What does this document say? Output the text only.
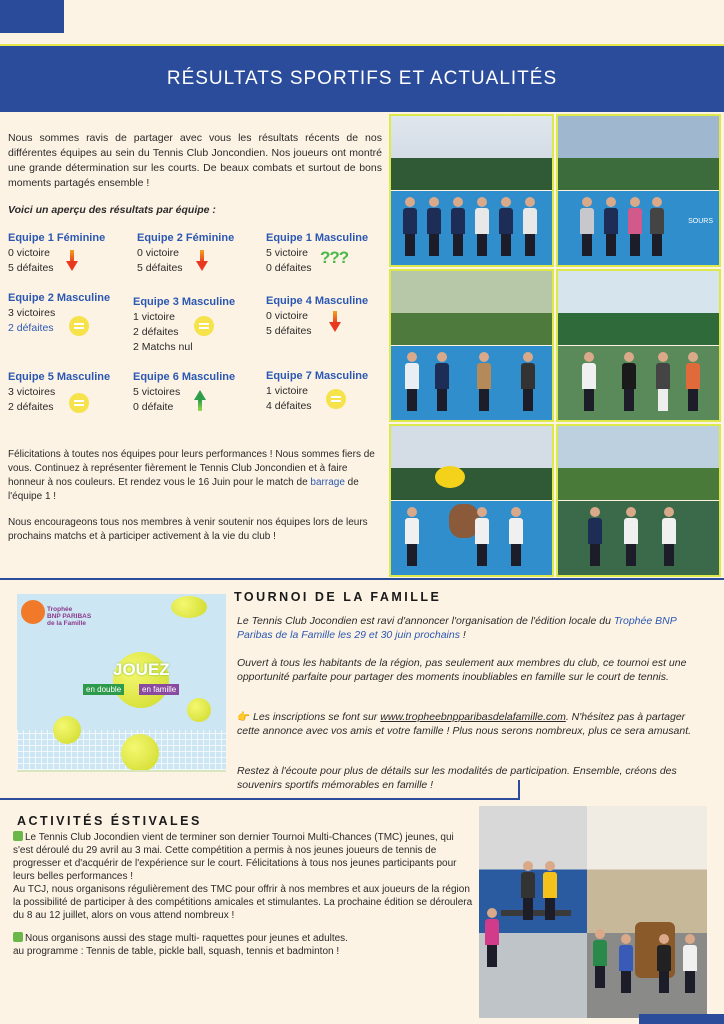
RÉSULTATS SPORTIFS ET ACTUALITÉS
Nous sommes ravis de partager avec vous les résultats récents de nos différentes équipes au sein du Tennis Club Joncondien. Nos joueurs ont montré une grande détermination sur les courts. De beaux combats et surtout de bons moments partagés ensemble !
Voici un aperçu des résultats par équipe :
Equipe 1 Féminine
0 victoire
5 défaites
Equipe 2 Féminine
0 victoire
5 défaites
Equipe 1 Masculine
5 victoire
0 défaites
?‌?‌?
Equipe 2 Masculine
3 victoires
2 défaites
Equipe 3 Masculine
1 victoire
2 défaites
2 Matchs nul
Equipe 4 Masculine
0 victoire
5 défaites
Equipe 5 Masculine
3 victoires
2 défaites
Equipe 6 Masculine
5 victoires
0 défaite
Equipe 7 Masculine
1 victoire
4 défaites
Félicitations à toutes nos équipes pour leurs performances ! Nous sommes fiers de vous. Continuez à représenter fièrement le Tennis Club Joncondien et à faire honneur à nos couleurs. Et rendez vous le 16 Juin pour le match de barrage de l'équipe 1 !
Nous encourageons tous nos membres à venir soutenir nos équipes lors de leurs prochains matchs et à participer activement à la vie du club !
SOURS
Trophée
BNP PARIBAS
de la Famille
JOUEZ
en double	en famille
TOURNOI DE LA FAMILLE
Le Tennis Club Jocondien est ravi d'annoncer l'organisation de l'édition locale du Trophée BNP Paribas de la Famille les 29 et 30 juin prochains !
Ouvert à tous les habitants de la région, pas seulement aux membres du club, ce tournoi est une opportunité parfaite pour partager des moments inoubliables en famille sur le court de tennis.
👉 Les inscriptions se font sur www.tropheebnpparibasdelafamille.com. N'hésitez pas à partager cette annonce avec vos amis et votre famille ! Plus nous serons nombreux, plus ce sera amusant.
Restez à l'écoute pour plus de détails sur les modalités de participation. Ensemble, créons des souvenirs sportifs mémorables en famille !
ACTIVITÉS ÉSTIVALES
Le Tennis Club Jocondien vient de terminer son dernier Tournoi Multi-Chances (TMC) jeunes, qui s'est déroulé du 29 avril au 3 mai. Cette compétition a permis à nos jeunes joueurs de tennis de progresser et d'acquérir de l'expérience sur le court. Félicitations à tous nos jeunes participants pour leurs belles performances !
Au TCJ, nous organisons régulièrement des TMC pour offrir à nos membres et aux joueurs de la région la possibilité de participer à des compétitions amicales et stimulantes. La prochaine édition se déroulera du 8 au 12 juillet, alors on vous attend nombreux !
Nous organisons aussi des stage multi- raquettes pour jeunes et adultes.
au programme : Tennis de table, pickle ball, squash, tennis et badminton !
